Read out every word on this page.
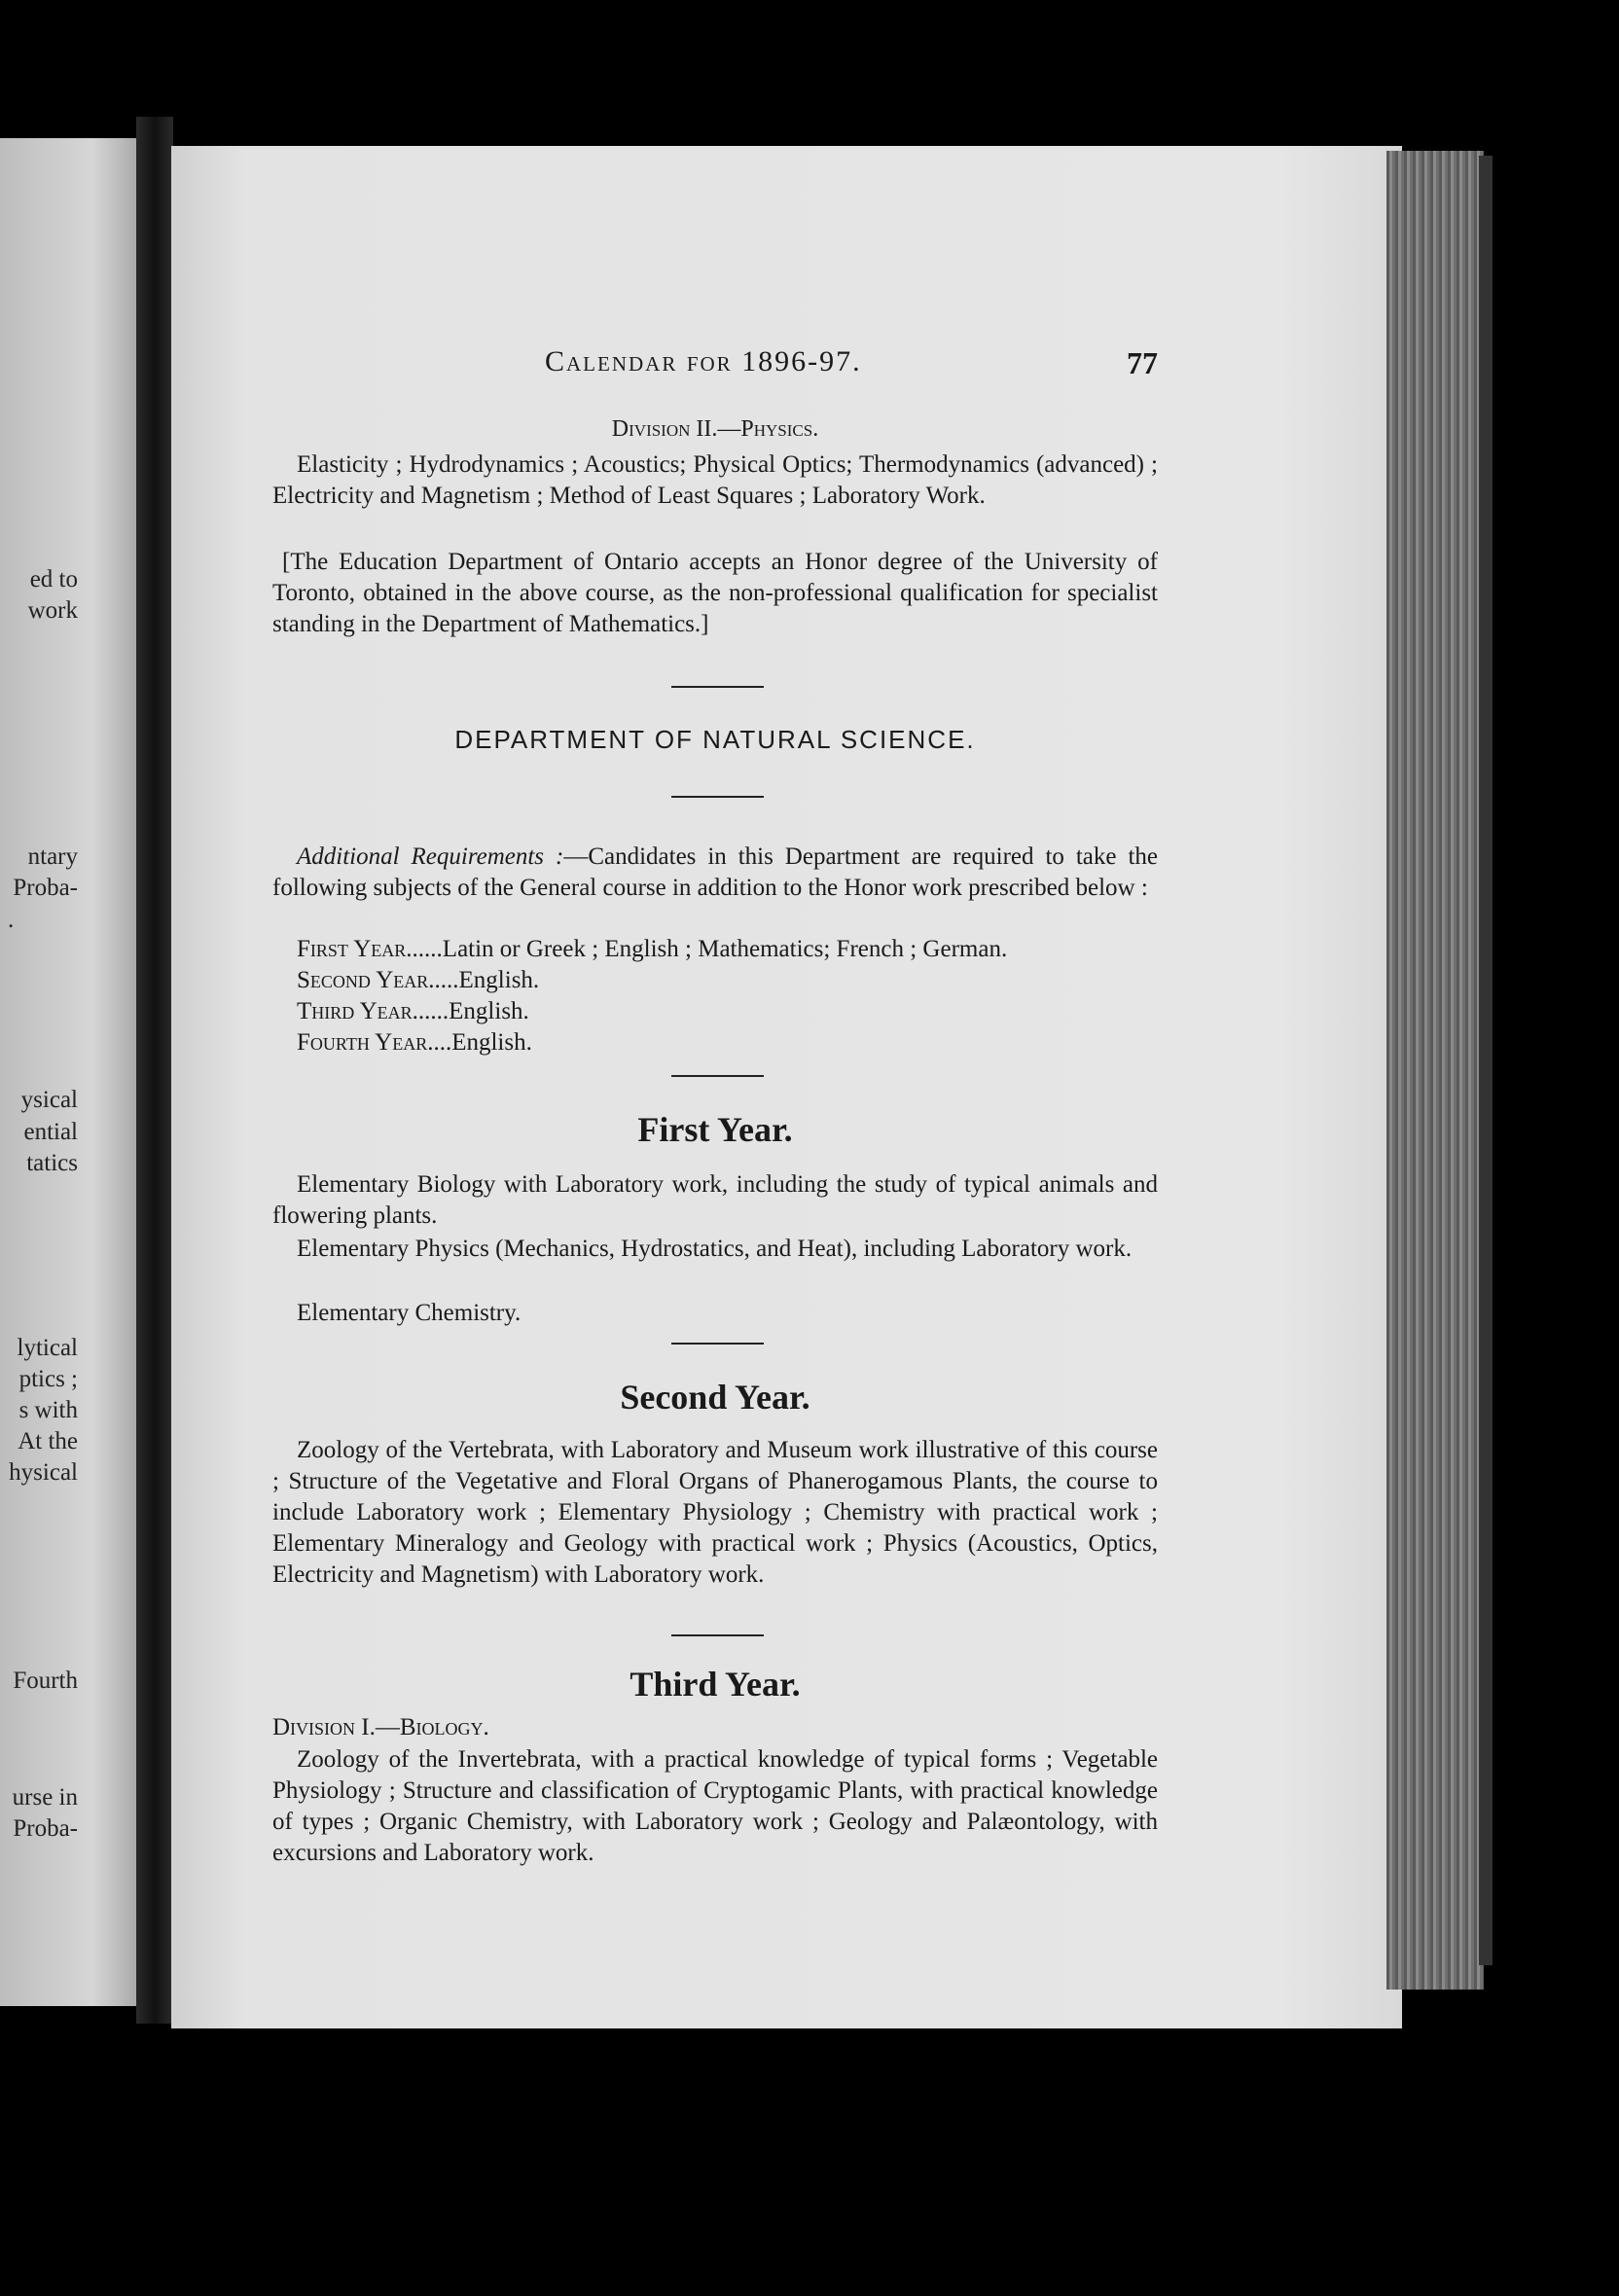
ed to
work
ntary
Proba-
.
ysical
ential
tatics
lytical
ptics ;
s with
At the
hysical
Fourth
urse in
Proba-
Calendar for 1896-97.	77
Division II.—Physics.
Elasticity ; Hydrodynamics ; Acoustics; Physical Optics; Thermodynamics (advanced) ; Electricity and Magnetism ; Method of Least Squares ; Laboratory Work.
[The Education Department of Ontario accepts an Honor degree of the University of Toronto, obtained in the above course, as the non-professional qualification for specialist standing in the Department of Mathematics.]
DEPARTMENT OF NATURAL SCIENCE.
Additional Requirements :—Candidates in this Department are required to take the following subjects of the General course in addition to the Honor work prescribed below :
First Year......Latin or Greek ; English ; Mathematics; French ; German.
Second Year.....English.
Third Year......English.
Fourth Year....English.
First Year.
Elementary Biology with Laboratory work, including the study of typical animals and flowering plants.
Elementary Physics (Mechanics, Hydrostatics, and Heat), including Laboratory work.
Elementary Chemistry.
Second Year.
Zoology of the Vertebrata, with Laboratory and Museum work illustrative of this course ; Structure of the Vegetative and Floral Organs of Phanerogamous Plants, the course to include Laboratory work ; Elementary Physiology ; Chemistry with practical work ; Elementary Mineralogy and Geology with practical work ; Physics (Acoustics, Optics, Electricity and Magnetism) with Laboratory work.
Third Year.
Division I.—Biology.
Zoology of the Invertebrata, with a practical knowledge of typical forms ; Vegetable Physiology ; Structure and classification of Cryptogamic Plants, with practical knowledge of types ; Organic Chemistry, with Laboratory work ; Geology and Palæontology, with excursions and Laboratory work.
